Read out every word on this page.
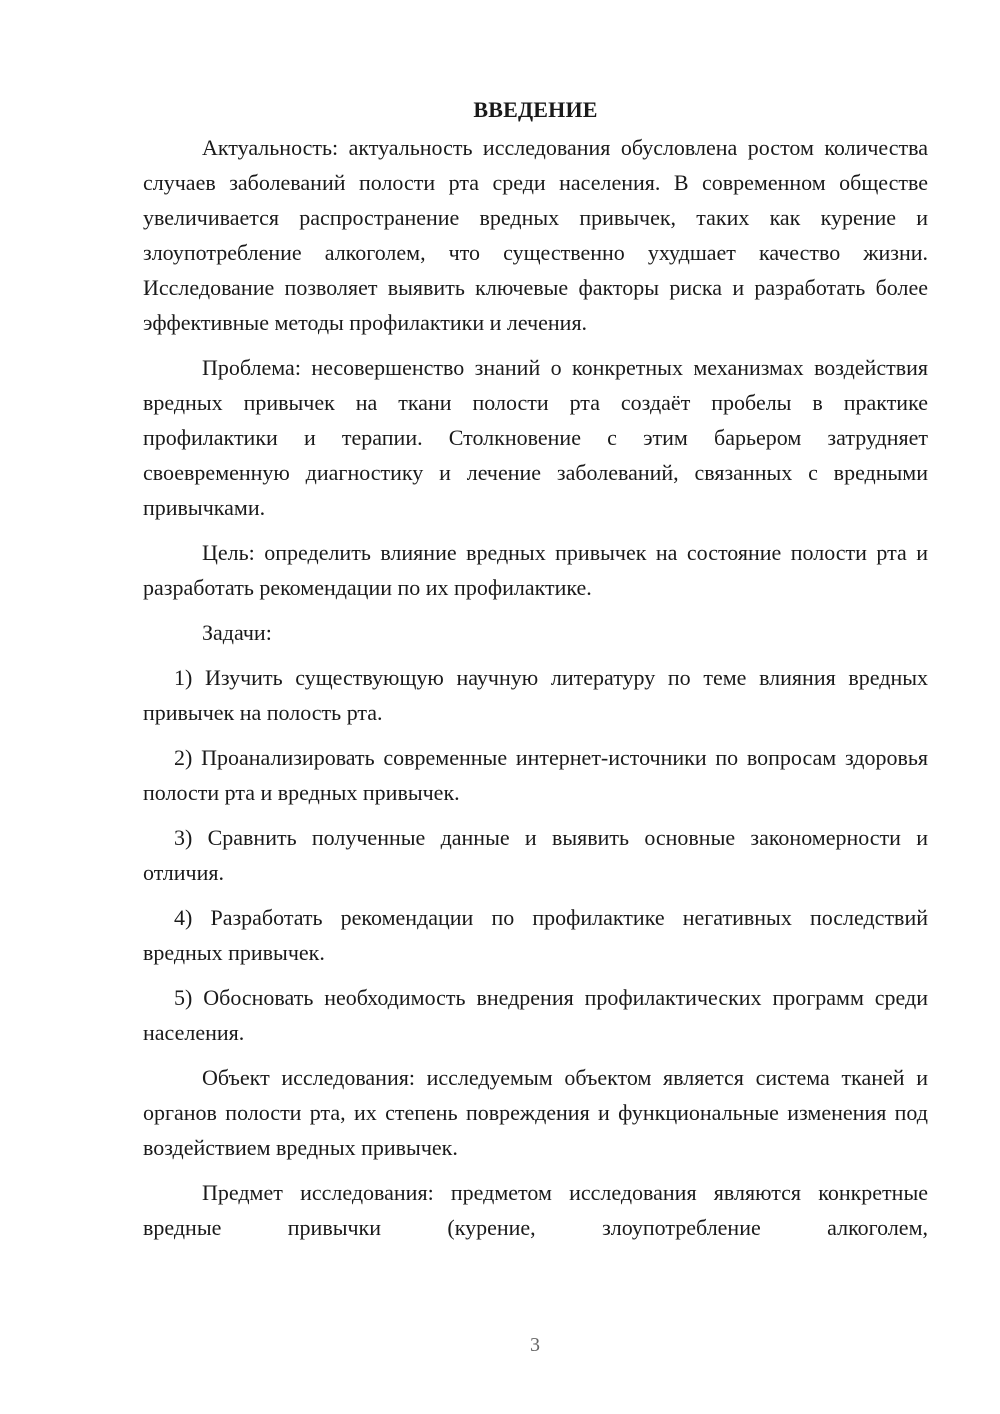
ВВЕДЕНИЕ

Актуальность: актуальность исследования обусловлена ростом количества случаев заболеваний полости рта среди населения. В современном обществе увеличивается распространение вредных привычек, таких как курение и злоупотребление алкоголем, что существенно ухудшает качество жизни. Исследование позволяет выявить ключевые факторы риска и разработать более эффективные методы профилактики и лечения.

Проблема: несовершенство знаний о конкретных механизмах воздействия вредных привычек на ткани полости рта создаёт пробелы в практике профилактики и терапии. Столкновение с этим барьером затрудняет своевременную диагностику и лечение заболеваний, связанных с вредными привычками.

Цель: определить влияние вредных привычек на состояние полости рта и разработать рекомендации по их профилактике.

Задачи:

1) Изучить существующую научную литературу по теме влияния вредных привычек на полость рта.

2) Проанализировать современные интернет-источники по вопросам здоровья полости рта и вредных привычек.

3) Сравнить полученные данные и выявить основные закономерности и отличия.

4) Разработать рекомендации по профилактике негативных последствий вредных привычек.

5) Обосновать необходимость внедрения профилактических программ среди населения.

Объект исследования: исследуемым объектом является система тканей и органов полости рта, их степень повреждения и функциональные изменения под воздействием вредных привычек.

Предмет исследования: предметом исследования являются конкретные вредные привычки (курение, злоупотребление алкоголем,

3
